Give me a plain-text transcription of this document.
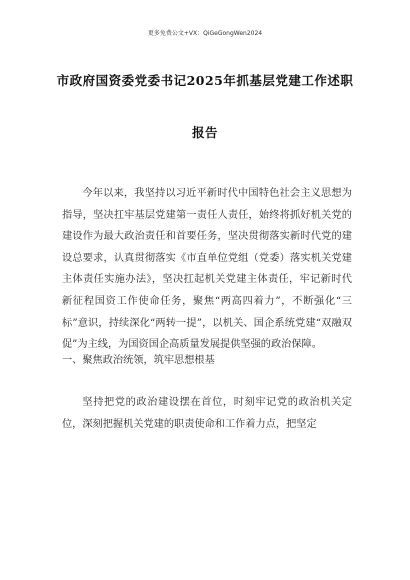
更多免费公文+VX：QiGeGongWen2024
市政府国资委党委书记2025年抓基层党建工作述职
报告

今年以来，我坚持以习近平新时代中国特色社会主义思想为指导，坚决扛牢基层党建第一责任人责任，始终将抓好机关党的建设作为最大政治责任和首要任务，坚决贯彻落实新时代党的建设总要求，认真贯彻落实《市直单位党组（党委）落实机关党建主体责任实施办法》，坚决扛起机关党建主体责任，牢记新时代新征程国资工作使命任务，聚焦“两高四着力”，不断强化“三标”意识，持续深化“两转一提”，以机关、国企系统党建“双融双促”为主线，为国资国企高质量发展提供坚强的政治保障。

一、聚焦政治统领，筑牢思想根基

坚持把党的政治建设摆在首位，时刻牢记党的政治机关定位，深刻把握机关党建的职责使命和工作着力点，把坚定
